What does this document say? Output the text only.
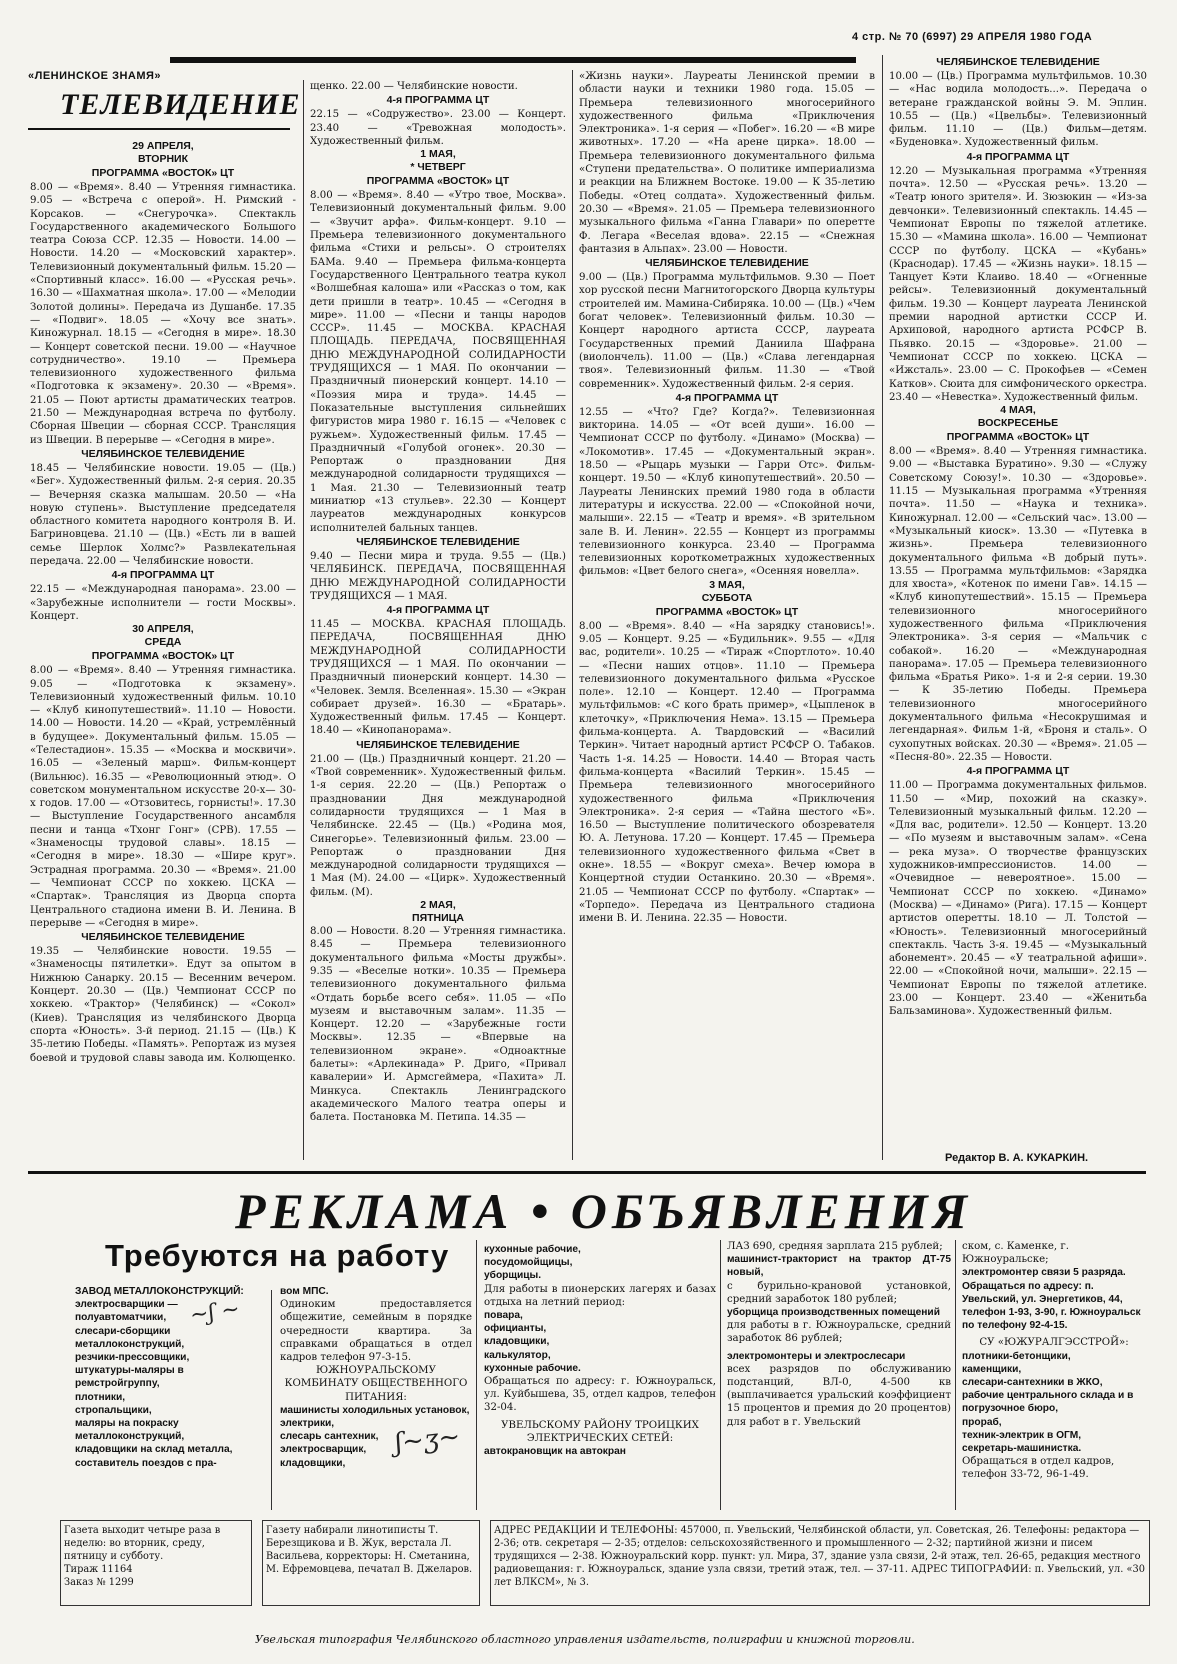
4 стр. № 70 (6997) 29 АПРЕЛЯ 1980 ГОДА
«ЛЕНИНСКОЕ ЗНАМЯ»
ТЕЛЕВИДЕНИЕ
29 АПРЕЛЯ,
ВТОРНИК
ПРОГРАММА «ВОСТОК» ЦТ

8.00 — «Время». 8.40 — Утренняя гимнастика. 9.05 — «Встреча с оперой». Н. Римский - Корсаков. — «Снегурочка». Спектакль Государственного академического Большого театра Союза ССР. 12.35 — Новости. 14.00 — Новости. 14.20 — «Московский характер». Телевизионный документальный фильм. 15.20 — «Спортивный класс». 16.00 — «Русская речь». 16.30 — «Шахматная школа». 17.00 — «Мелодии Золотой долины». Передача из Душанбе. 17.35 — «Подвиг». 18.05 — «Хочу все знать». Киножурнал. 18.15 — «Сегодня в мире». 18.30 — Концерт советской песни. 19.00 — «Научное сотрудничество». 19.10 — Премьера телевизионного художественного фильма «Подготовка к экзамену». 20.30 — «Время». 21.05 — Поют артисты драматических театров. 21.50 — Международная встреча по футболу. Сборная Швеции — сборная СССР. Трансляция из Швеции. В перерыве — «Сегодня в мире».

ЧЕЛЯБИНСКОЕ ТЕЛЕВИДЕНИЕ

18.45 — Челябинские новости. 19.05 — (Цв.) «Бег». Художественный фильм. 2-я серия. 20.35 — Вечерняя сказка малышам. 20.50 — «На новую ступень». Выступление председателя областного комитета народного контроля В. И. Багриновцева. 21.10 — (Цв.) «Есть ли в вашей семье Шерлок Холмс?» Развлекательная передача. 22.00 — Челябинские новости.

4-я ПРОГРАММА ЦТ

22.15 — «Международная панорама». 23.00 — «Зарубежные исполнители — гости Москвы». Концерт.

30 АПРЕЛЯ,
СРЕДА
ПРОГРАММА «ВОСТОК» ЦТ

8.00 — «Время». 8.40 — Утренняя гимнастика. 9.05 — «Подготовка к экзамену». Телевизионный художественный фильм. 10.10 — «Клуб кинопутешествий». 11.10 — Новости. 14.00 — Новости. 14.20 — «Край, устремлённый в будущее». Документальный фильм. 15.05 — «Телестадион». 15.35 — «Москва и москвичи». 16.05 — «Зеленый марш». Фильм-концерт (Вильнюс). 16.35 — «Революционный этюд». О советском монументальном искусстве 20-х— 30-х годов. 17.00 — «Отзовитесь, горнисты!». 17.30 — Выступление Государственного ансамбля песни и танца «Тхонг Гонг» (СРВ). 17.55 — «Знаменосцы трудовой славы». 18.15 — «Сегодня в мире». 18.30 — «Шире круг». Эстрадная программа. 20.30 — «Время». 21.00 — Чемпионат СССР по хоккею. ЦСКА — «Спартак». Трансляция из Дворца спорта Центрального стадиона имени В. И. Ленина. В перерыве — «Сегодня в мире».

ЧЕЛЯБИНСКОЕ ТЕЛЕВИДЕНИЕ

19.35 — Челябинские новости. 19.55 — «Знаменосцы пятилетки». Едут за опытом в Нижнюю Санарку. 20.15 — Весенним вечером. Концерт. 20.30 — (Цв.) Чемпионат СССР по хоккею. «Трактор» (Челябинск) — «Сокол» (Киев). Трансляция из челябинского Дворца спорта «Юность». 3-й период. 21.15 — (Цв.) К 35-летию Победы. «Память». Репортаж из музея боевой и трудовой славы завода им. Колющенко.

щенко. 22.00 — Челябинские новости.

4-я ПРОГРАММА ЦТ

22.15 — «Содружество». 23.00 — Концерт. 23.40 — «Тревожная молодость». Художественный фильм.

1 МАЯ,
* ЧЕТВЕРГ
ПРОГРАММА «ВОСТОК» ЦТ

8.00 — «Время». 8.40 — «Утро твое, Москва». Телевизионный документальный фильм. 9.00 — «Звучит арфа». Фильм-концерт. 9.10 — Премьера телевизионного документального фильма «Стихи и рельсы». О строителях БАМа. 9.40 — Премьера фильма-концерта Государственного Центрального театра кукол «Волшебная калоша» или «Рассказ о том, как дети пришли в театр». 10.45 — «Сегодня в мире». 11.00 — «Песни и танцы народов СССР». 11.45 — МОСКВА. КРАСНАЯ ПЛОЩАДЬ. ПЕРЕДАЧА, ПОСВЯЩЕННАЯ ДНЮ МЕЖДУНАРОДНОЙ СОЛИДАРНОСТИ ТРУДЯЩИХСЯ — 1 МАЯ. По окончании — Праздничный пионерский концерт. 14.10 — «Поэзия мира и труда». 14.45 — Показательные выступления сильнейших фигуристов мира 1980 г. 16.15 — «Человек с ружьем». Художественный фильм. 17.45 — Праздничный «Голубой огонек». 20.30 — Репортаж о праздновании Дня международной солидарности трудящихся — 1 Мая. 21.30 — Телевизионный театр миниатюр «13 стульев». 22.30 — Концерт лауреатов международных конкурсов исполнителей бальных танцев.

ЧЕЛЯБИНСКОЕ ТЕЛЕВИДЕНИЕ

9.40 — Песни мира и труда. 9.55 — (Цв.) ЧЕЛЯБИНСК. ПЕРЕДАЧА, ПОСВЯЩЕННАЯ ДНЮ МЕЖДУНАРОДНОЙ СОЛИДАРНОСТИ ТРУДЯЩИХСЯ — 1 МАЯ.

4-я ПРОГРАММА ЦТ

11.45 — МОСКВА. КРАСНАЯ ПЛОЩАДЬ. ПЕРЕДАЧА, ПОСВЯЩЕННАЯ ДНЮ МЕЖДУНАРОДНОЙ СОЛИДАРНОСТИ ТРУДЯЩИХСЯ — 1 МАЯ. По окончании — Праздничный пионерский концерт. 14.30 — «Человек. Земля. Вселенная». 15.30 — «Экран собирает друзей». 16.30 — «Братарь». Художественный фильм. 17.45 — Концерт. 18.40 — «Кинопанорама».

ЧЕЛЯБИНСКОЕ ТЕЛЕВИДЕНИЕ

21.00 — (Цв.) Праздничный концерт. 21.20 — «Твой современник». Художественный фильм. 1-я серия. 22.20 — (Цв.) Репортаж о праздновании Дня международной солидарности трудящихся — 1 Мая в Челябинске. 22.45 — (Цв.) «Родина моя, Синегорье». Телевизионный фильм. 23.00 — Репортаж о праздновании Дня международной солидарности трудящихся — 1 Мая (М). 24.00 — «Цирк». Художественный фильм. (М).

2 МАЯ,
ПЯТНИЦА

8.00 — Новости. 8.20 — Утренняя гимнастика. 8.45 — Премьера телевизионного документального фильма «Мосты дружбы». 9.35 — «Веселые нотки». 10.35 — Премьера телевизионного документального фильма «Отдать борьбе всего себя». 11.05 — «По музеям и выставочным залам». 11.35 — Концерт. 12.20 — «Зарубежные гости Москвы». 12.35 — «Впервые на телевизионном экране». «Одноактные балеты»: «Арлекинада» Р. Дриго, «Привал кавалерии» И. Армсгеймера, «Пахита» Л. Минкуса. Спектакль Ленинградского академического Малого театра оперы и балета. Постановка М. Петипа. 14.35 —

«Жизнь науки». Лауреаты Ленинской премии в области науки и техники 1980 года. 15.05 — Премьера телевизионного многосерийного художественного фильма «Приключения Электроника». 1-я серия — «Побег». 16.20 — «В мире животных». 17.20 — «На арене цирка». 18.00 — Премьера телевизионного документального фильма «Ступени предательства». О политике империализма и реакции на Ближнем Востоке. 19.00 — К 35-летию Победы. «Отец солдата». Художественный фильм. 20.30 — «Время». 21.05 — Премьера телевизионного музыкального фильма «Ганна Главари» по оперетте Ф. Легара «Веселая вдова». 22.15 — «Снежная фантазия в Альпах». 23.00 — Новости.

ЧЕЛЯБИНСКОЕ ТЕЛЕВИДЕНИЕ

9.00 — (Цв.) Программа мультфильмов. 9.30 — Поет хор русской песни Магнитогорского Дворца культуры строителей им. Мамина-Сибиряка. 10.00 — (Цв.) «Чем богат человек». Телевизионный фильм. 10.30 — Концерт народного артиста СССР, лауреата Государственных премий Даниила Шафрана (виолончель). 11.00 — (Цв.) «Слава легендарная твоя». Телевизионный фильм. 11.30 — «Твой современник». Художественный фильм. 2-я серия.

4-я ПРОГРАММА ЦТ

12.55 — «Что? Где? Когда?». Телевизионная викторина. 14.05 — «От всей души». 16.00 — Чемпионат СССР по футболу. «Динамо» (Москва) — «Локомотив». 17.45 — «Документальный экран». 18.50 — «Рыцарь музыки — Гарри Отс». Фильм-концерт. 19.50 — «Клуб кинопутешествий». 20.50 — Лауреаты Ленинских премий 1980 года в области литературы и искусства. 22.00 — «Спокойной ночи, малыши». 22.15 — «Театр и время». «В зрительном зале В. И. Ленин». 22.55 — Концерт из программы телевизионного конкурса. 23.40 — Программа телевизионных короткометражных художественных фильмов: «Цвет белого снега», «Осенняя новелла».

3 МАЯ,
СУББОТА
ПРОГРАММА «ВОСТОК» ЦТ

8.00 — «Время». 8.40 — «На зарядку становись!». 9.05 — Концерт. 9.25 — «Будильник». 9.55 — «Для вас, родители». 10.25 — «Тираж «Спортлото». 10.40 — «Песни наших отцов». 11.10 — Премьера телевизионного документального фильма «Русское поле». 12.10 — Концерт. 12.40 — Программа мультфильмов: «С кого брать пример», «Цыпленок в клеточку», «Приключения Нема». 13.15 — Премьера фильма-концерта. А. Твардовский — «Василий Теркин». Читает народный артист РСФСР О. Табаков. Часть 1-я. 14.25 — Новости. 14.40 — Вторая часть фильма-концерта «Василий Теркин». 15.45 — Премьера телевизионного многосерийного художественного фильма «Приключения Электроника». 2-я серия — «Тайна шестого «Б». 16.50 — Выступление политического обозревателя Ю. А. Летунова. 17.20 — Концерт. 17.45 — Премьера телевизионного художественного фильма «Свет в окне». 18.55 — «Вокруг смеха». Вечер юмора в Концертной студии Останкино. 20.30 — «Время». 21.05 — Чемпионат СССР по футболу. «Спартак» — «Торпедо». Передача из Центрального стадиона имени В. И. Ленина. 22.35 — Новости.

ЧЕЛЯБИНСКОЕ ТЕЛЕВИДЕНИЕ

10.00 — (Цв.) Программа мультфильмов. 10.30 — «Нас водила молодость...». Передача о ветеране гражданской войны Э. М. Эплин. 10.55 — (Цв.) «Цвельбы». Телевизионный фильм. 11.10 — (Цв.) Фильм—детям. «Буденовка». Художественный фильм.

4-я ПРОГРАММА ЦТ

12.20 — Музыкальная программа «Утренняя почта». 12.50 — «Русская речь». 13.20 — «Театр юного зрителя». И. Зюзюкин — «Из-за девчонки». Телевизионный спектакль. 14.45 — Чемпионат Европы по тяжелой атлетике. 15.30 — «Мамина школа». 16.00 — Чемпионат СССР по футболу. ЦСКА — «Кубань» (Краснодар). 17.45 — «Жизнь науки». 18.15 — Танцует Кэти Клаиво. 18.40 — «Огненные рейсы». Телевизионный документальный фильм. 19.30 — Концерт лауреата Ленинской премии народной артистки СССР И. Архиповой, народного артиста РСФСР В. Пьявко. 20.15 — «Здоровье». 21.00 — Чемпионат СССР по хоккею. ЦСКА — «Ижсталь». 23.00 — С. Прокофьев — «Семен Катков». Сюита для симфонического оркестра. 23.40 — «Невестка». Художественный фильм.

4 МАЯ,
ВОСКРЕСЕНЬЕ
ПРОГРАММА «ВОСТОК» ЦТ

8.00 — «Время». 8.40 — Утренняя гимнастика. 9.00 — «Выставка Буратино». 9.30 — «Служу Советскому Союзу!». 10.30 — «Здоровье». 11.15 — Музыкальная программа «Утренняя почта». 11.50 — «Наука и техника». Киножурнал. 12.00 — «Сельский час». 13.00 — «Музыкальный киоск». 13.30 — «Путевка в жизнь». Премьера телевизионного документального фильма «В добрый путь». 13.55 — Программа мультфильмов: «Зарядка для хвоста», «Котенок по имени Гав». 14.15 — «Клуб кинопутешествий». 15.15 — Премьера телевизионного многосерийного художественного фильма «Приключения Электроника». 3-я серия — «Мальчик с собакой». 16.20 — «Международная панорама». 17.05 — Премьера телевизионного фильма «Братья Рико». 1-я и 2-я серии. 19.30 — К 35-летию Победы. Премьера телевизионного многосерийного документального фильма «Несокрушимая и легендарная». Фильм 1-й, «Броня и сталь». О сухопутных войсках. 20.30 — «Время». 21.05 — «Песня-80». 22.35 — Новости.

4-я ПРОГРАММА ЦТ

11.00 — Программа документальных фильмов. 11.50 — «Мир, похожий на сказку». Телевизионный музыкальный фильм. 12.20 — «Для вас, родители». 12.50 — Концерт. 13.20 — «По музеям и выставочным залам». «Сена — река муза». О творчестве французских художников-импрессионистов. 14.00 — «Очевидное — невероятное». 15.00 — Чемпионат СССР по хоккею. «Динамо» (Москва) — «Динамо» (Рига). 17.15 — Концерт артистов оперетты. 18.10 — Л. Толстой — «Юность». Телевизионный многосерийный спектакль. Часть 3-я. 19.45 — «Музыкальный абонемент». 20.45 — «У театральной афиши». 22.00 — «Спокойной ночи, малыши». 22.15 — Чемпионат Европы по тяжелой атлетике. 23.00 — Концерт. 23.40 — «Женитьба Бальзаминова». Художественный фильм.

Редактор В. А. КУКАРКИН.
РЕКЛАМА • ОБЪЯВЛЕНИЯ
Требуются на работу

ЗАВОД МЕТАЛЛОКОНСТРУКЦИЙ:

электросварщики — полуавтоматчики,

слесари-сборщики металлоконструкций,

резчики-прессовщики,

штукатуры-маляры в ремстройгруппу,

плотники,

стропальщики,

маляры на покраску металлоконструкций,

кладовщики на склад металла,

составитель поездов с пра-

вом МПС.

Одиноким предоставляется общежитие, семейным в порядке очередности квартира. За справками обращаться в отдел кадров телефон 97-3-15.

ЮЖНОУРАЛЬСКОМУ КОМБИНАТУ ОБЩЕСТВЕННОГО ПИТАНИЯ:

машинисты холодильных установок,

электрики,

слесарь сантехник,

электросварщик,

кладовщики,

кухонные рабочие,

посудомойщицы,

уборщицы.

Для работы в пионерских лагерях и базах отдыха на летний период:

повара,

официанты,

кладовщики,

калькулятор,

кухонные рабочие.

Обращаться по адресу: г. Южноуральск, ул. Куйбышева, 35, отдел кадров, телефон 32-04.

УВЕЛЬСКОМУ РАЙОНУ ТРОИЦКИХ ЭЛЕКТРИЧЕСКИХ СЕТЕЙ:

автокрановщик на автокран

ЛАЗ 690, средняя зарплата 215 рублей;

машинист-тракторист на трактор ДТ-75 новый,

с бурильно-крановой установкой, средний заработок 180 рублей;

уборщица производственных помещений

для работы в г. Южноуральске, средний заработок 86 рублей;

электромонтеры и электрослесари

всех разрядов по обслуживанию подстанций, ВЛ-0, 4-500 кв (выплачивается уральский коэффициент 15 процентов и премия до 20 процентов) для работ в г. Увельский

ском, с. Каменке, г. Южноуральске;

электромонтер связи 5 разряда.

Обращаться по адресу: п. Увельский, ул. Энергетиков, 44, телефон 1-93, 3-90, г. Южноуральск по телефону 92-4-15.

СУ «ЮЖУРАЛГЭССТРОЙ»:

плотники-бетонщики,

каменщики,

слесари-сантехники в ЖКО,

рабочие центрального склада и в погрузочное бюро,

прораб,

техник-электрик в ОГМ,

секретарь-машинистка.

Обращаться в отдел кадров, телефон 33-72, 96-1-49.

~ʃ ~
ʃ~ʒ~

Газета выходит четыре раза в неделю: во вторник, среду, пятницу и субботу.

Тираж 11164

Заказ № 1299

Газету набирали линотиписты Т. Березщикова и В. Жук, верстала Л. Васильева, корректоры: Н. Сметанина, М. Ефремовцева, печатал В. Джеларов.

АДРЕС РЕДАКЦИИ И ТЕЛЕФОНЫ: 457000, п. Увельский, Челябинской области, ул. Советская, 26. Телефоны: редактора — 2-36; отв. секретаря — 2-35; отделов: сельскохозяйственного и промышленного — 2-32; партийной жизни и писем трудящихся — 2-38. Южноуральский корр. пункт: ул. Мира, 37, здание узла связи, 2-й этаж, тел. 26-65, редакция местного радиовещания: г. Южноуральск, здание узла связи, третий этаж, тел. — 37-11. АДРЕС ТИПОГРАФИИ: п. Увельский, ул. «30 лет ВЛКСМ», № 3.

Увельская типография Челябинского областного управления издательств, полиграфии и книжной торговли.
